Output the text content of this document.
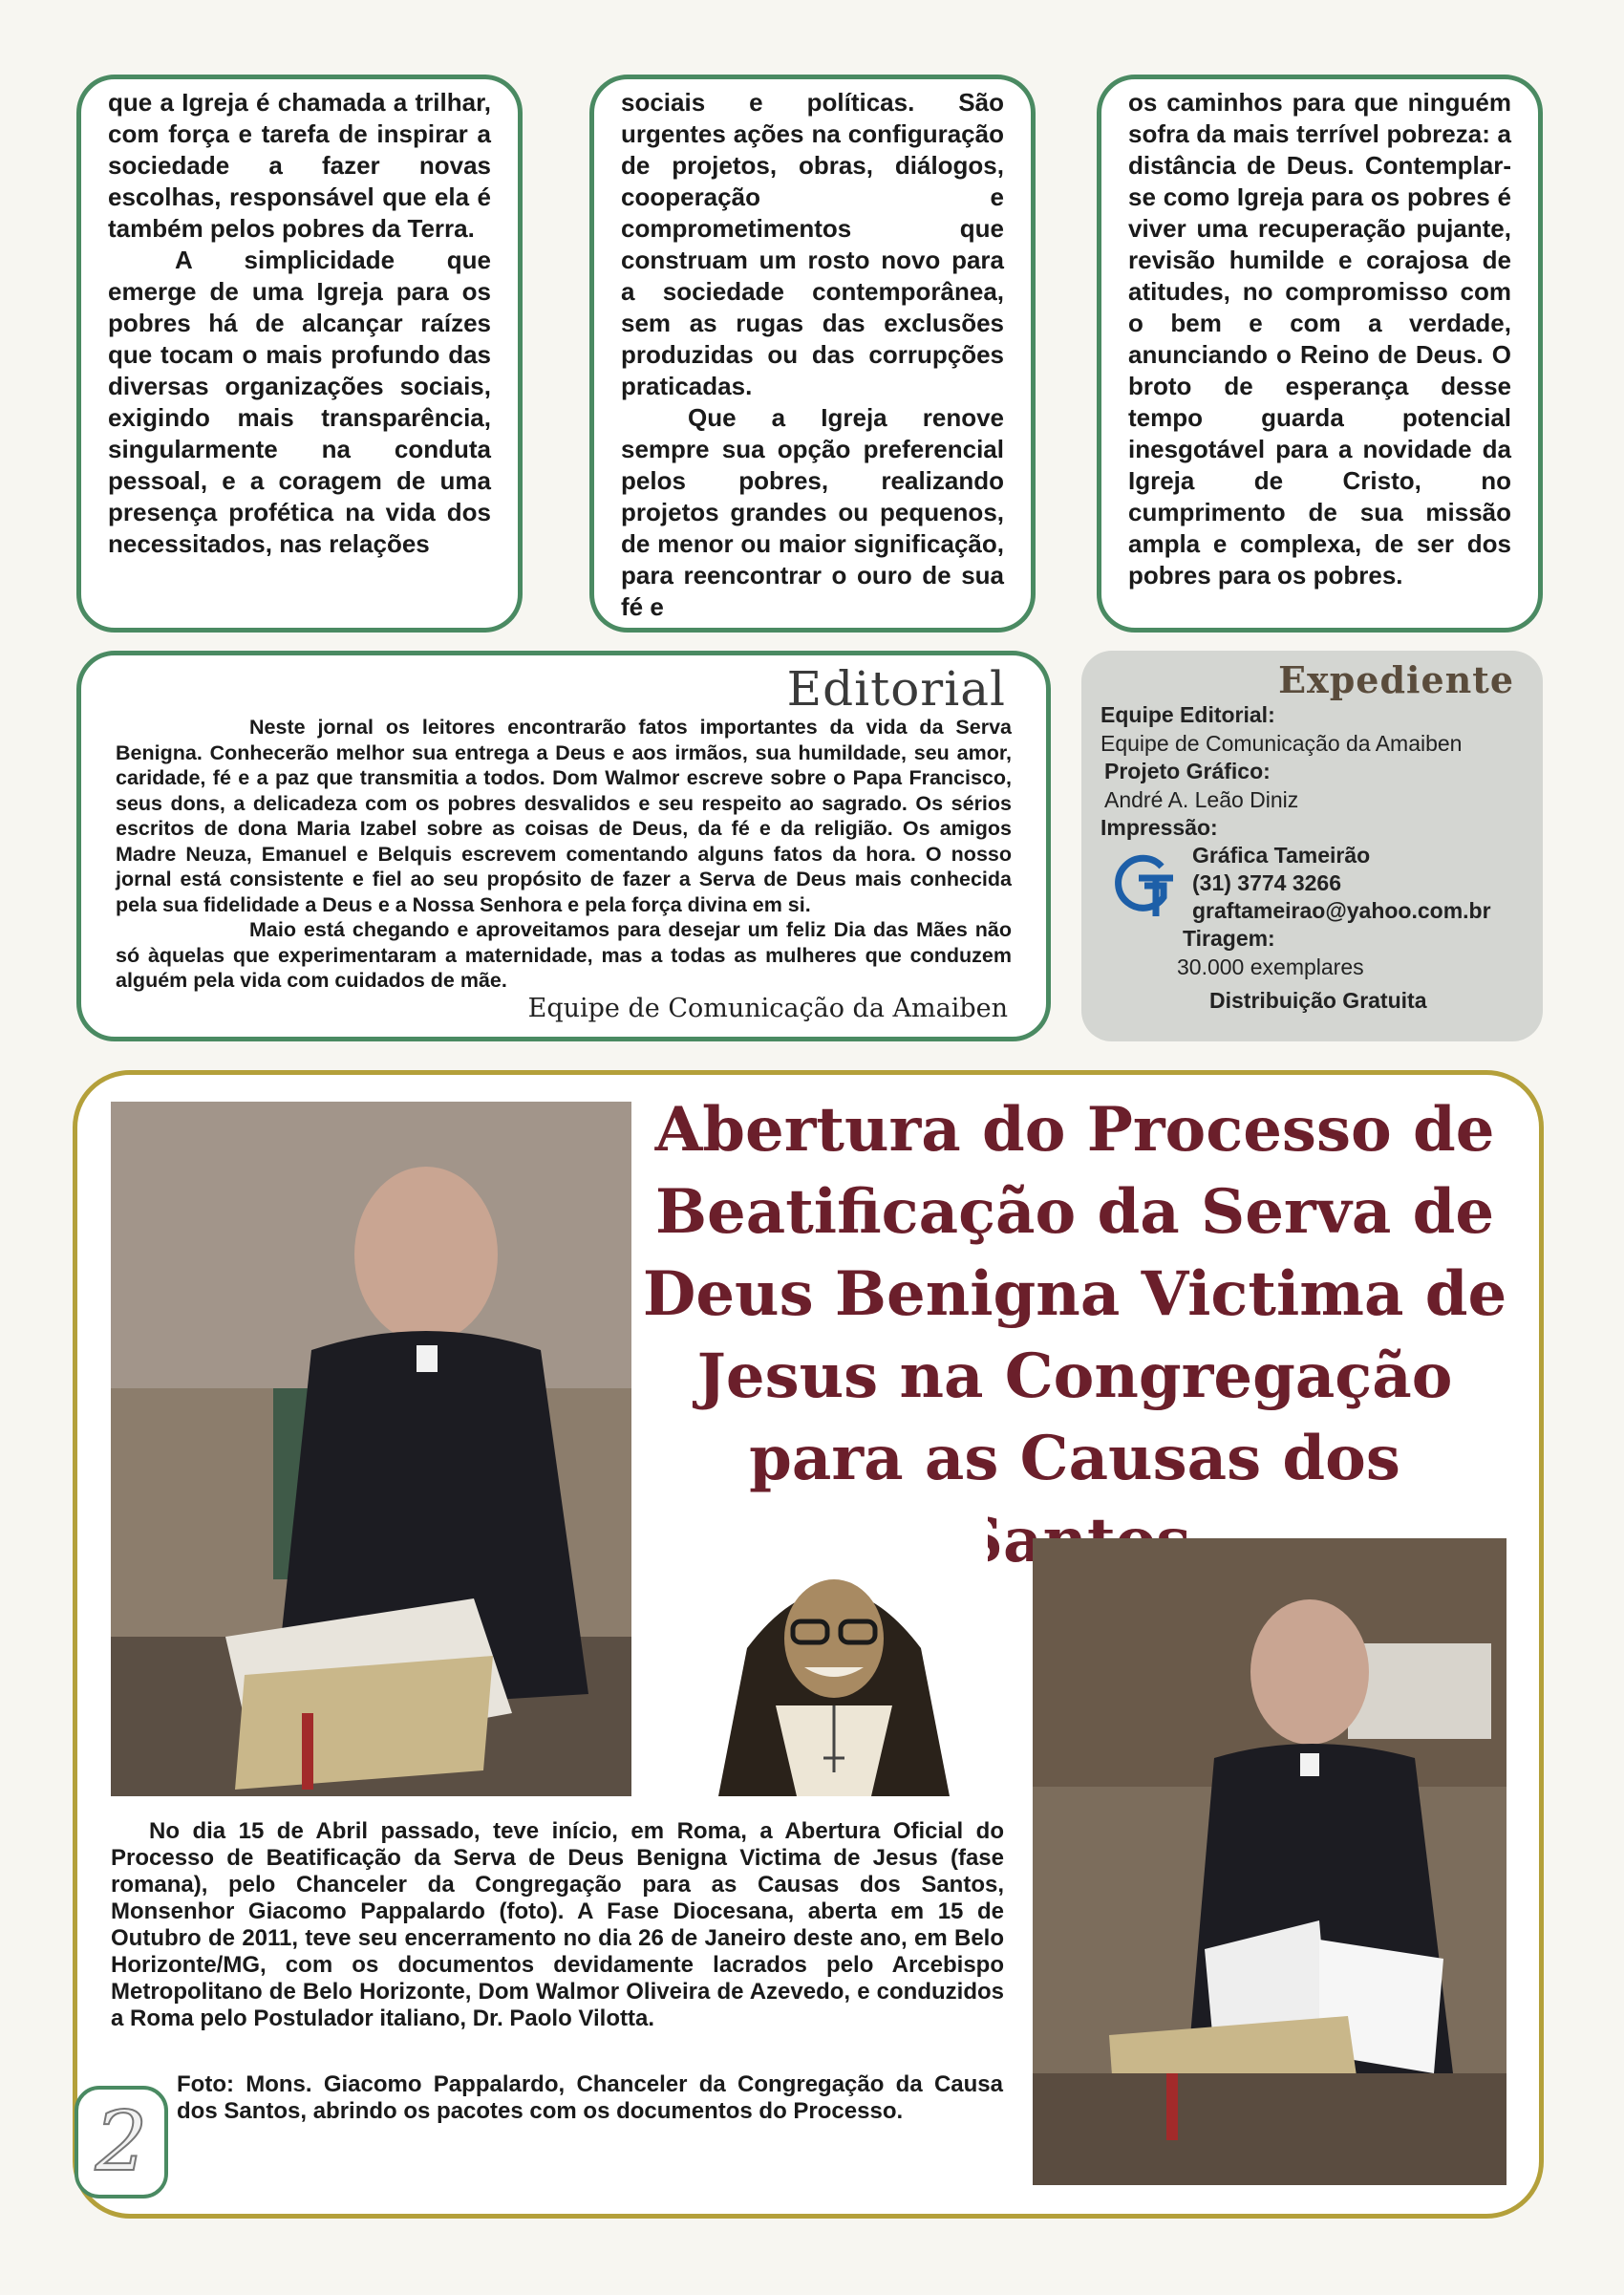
que a Igreja é chamada a trilhar, com força e tarefa de inspirar a sociedade a fazer novas escolhas, responsável que ela é também pelos pobres da Terra.

A simplicidade que emerge de uma Igreja para os pobres há de alcançar raízes que tocam o mais profundo das diversas organizações sociais, exigindo mais transparência, singularmente na conduta pessoal, e a coragem de uma presença profética na vida dos necessitados, nas relações

sociais e políticas. São urgentes ações na configuração de projetos, obras, diálogos, cooperação e comprometimentos que construam um rosto novo para a sociedade contemporânea, sem as rugas das exclusões produzidas ou das corrupções praticadas.

Que a Igreja renove sempre sua opção preferencial pelos pobres, realizando projetos grandes ou pequenos, de menor ou maior significação, para reencontrar o ouro de sua fé e

os caminhos para que ninguém sofra da mais terrível pobreza: a distância de Deus. Contemplar-se como Igreja para os pobres é viver uma recuperação pujante, revisão humilde e corajosa de atitudes, no compromisso com o bem e com a verdade, anunciando o Reino de Deus. O broto de esperança desse tempo guarda potencial inesgotável para a novidade da Igreja de Cristo, no cumprimento de sua missão ampla e complexa, de ser dos pobres para os pobres.

Editorial

Neste jornal os leitores encontrarão fatos importantes da vida da Serva Benigna. Conhecerão melhor sua entrega a Deus e aos irmãos, sua humildade, seu amor, caridade, fé e a paz que transmitia a todos. Dom Walmor escreve sobre o Papa Francisco, seus dons, a delicadeza com os pobres desvalidos e seu respeito ao sagrado. Os sérios escritos de dona Maria Izabel sobre as coisas de Deus, da fé e da religião. Os amigos Madre Neuza, Emanuel e Belquis escrevem comentando alguns fatos da hora. O nosso jornal está consistente e fiel ao seu propósito de fazer a Serva de Deus mais conhecida pela sua fidelidade a Deus e a Nossa Senhora e pela força divina em si.

Maio está chegando e aproveitamos para desejar um feliz Dia das Mães não só àquelas que experimentaram a maternidade, mas a todas as mulheres que conduzem alguém pela vida com cuidados de mãe.

Equipe de Comunicação da Amaiben
Expediente
Equipe Editorial:
Equipe de Comunicação da Amaiben
Projeto Gráfico:
André A. Leão Diniz
Impressão:
Gráfica Tameirão
(31) 3774 3266
graftameirao@yahoo.com.br
Tiragem:
30.000 exemplares
Distribuição Gratuita
Abertura do Processo de Beatificação da Serva de Deus Benigna Victima de Jesus na Congregação para as Causas dos

No dia 15 de Abril passado, teve início, em Roma, a Abertura Oficial do Processo de Beatificação da Serva de Deus Benigna Victima de Jesus (fase romana), pelo Chanceler da Congregação para as Causas dos Santos, Monsenhor Giacomo Pappalardo (foto). A Fase Diocesana, aberta em 15 de Outubro de 2011, teve seu encerramento no dia 26 de Janeiro deste ano, em Belo Horizonte/MG, com os documentos devidamente lacrados pelo Arcebispo Metropolitano de Belo Horizonte, Dom Walmor Oliveira de Azevedo, e conduzidos a Roma pelo Postulador italiano, Dr. Paolo Vilotta.

Foto: Mons. Giacomo Pappalardo, Chanceler da Congregação da Causa dos Santos, abrindo os pacotes com os documentos do Processo.

2
